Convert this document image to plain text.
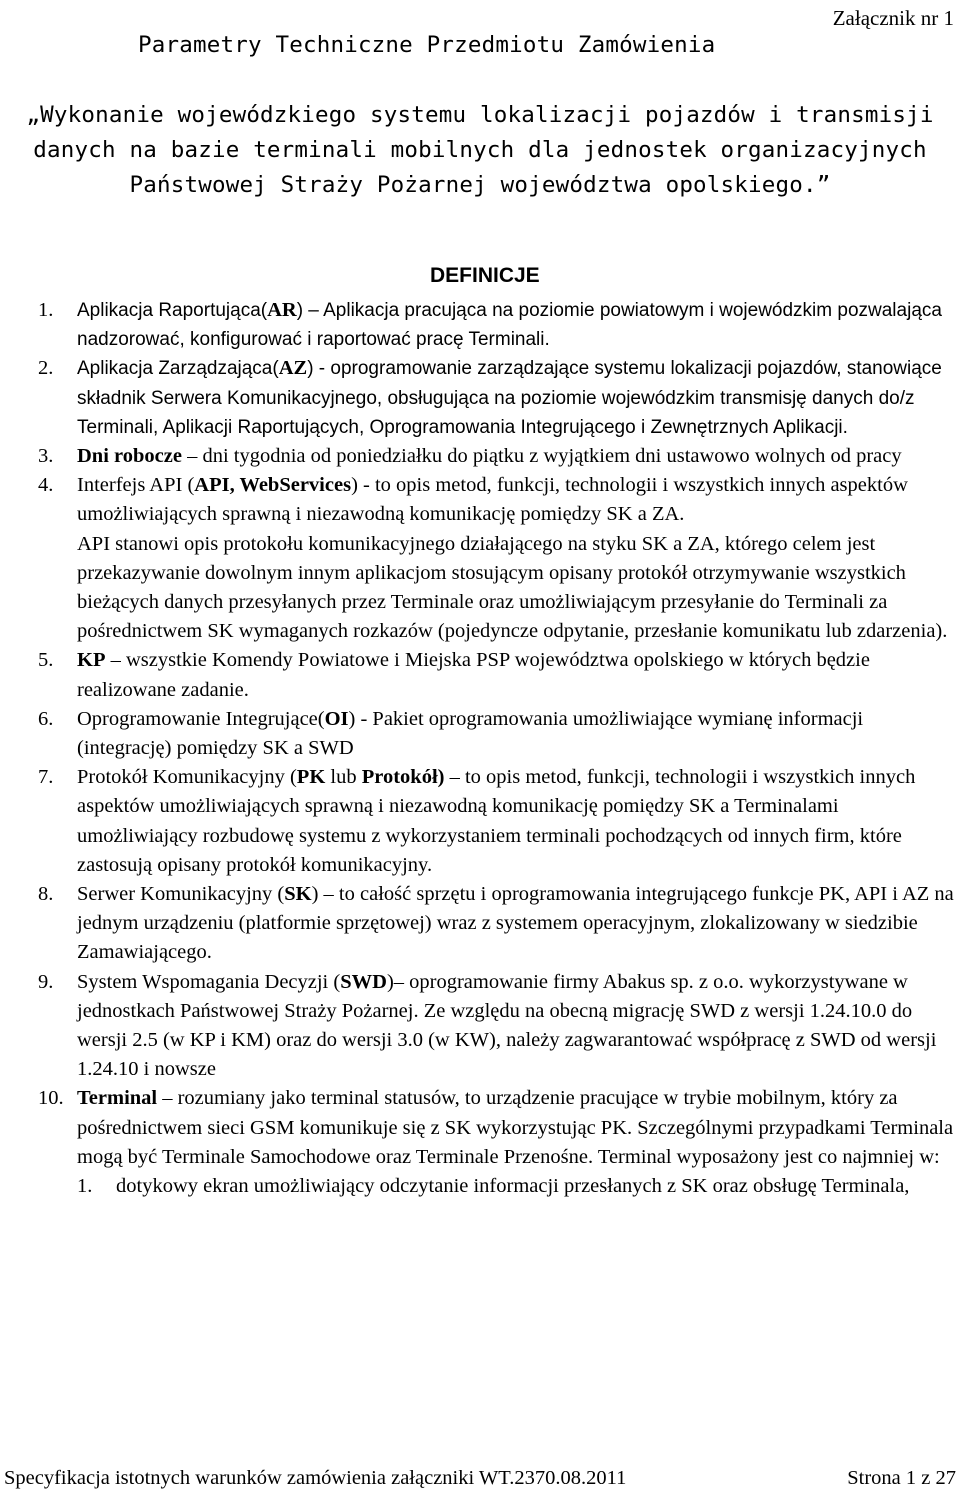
Załącznik nr 1
Parametry Techniczne Przedmiotu Zamówienia
„Wykonanie wojewódzkiego systemu lokalizacji pojazdów i transmisji danych na bazie terminali mobilnych dla jednostek organizacyjnych Państwowej Straży Pożarnej województwa opolskiego.”
DEFINICJE
1.	Aplikacja Raportująca(AR) – Aplikacja pracująca na poziomie powiatowym i wojewódzkim pozwalająca nadzorować, konfigurować i raportować pracę Terminali.
2.	Aplikacja Zarządzająca(AZ) - oprogramowanie zarządzające systemu lokalizacji pojazdów, stanowiące składnik Serwera Komunikacyjnego, obsługująca na poziomie wojewódzkim transmisję danych do/z Terminali, Aplikacji Raportujących, Oprogramowania Integrującego i Zewnętrznych Aplikacji.
3.	Dni robocze – dni tygodnia od poniedziałku do piątku z wyjątkiem dni ustawowo wolnych od pracy
4.	Interfejs API (API, WebServices) - to opis metod, funkcji, technologii i wszystkich innych aspektów umożliwiających sprawną i niezawodną komunikację pomiędzy SK a ZA.
API stanowi opis protokołu komunikacyjnego działającego na styku SK a ZA, którego celem jest przekazywanie dowolnym innym aplikacjom stosującym opisany protokół otrzymywanie wszystkich bieżących danych przesyłanych przez Terminale oraz umożliwiającym przesyłanie do Terminali za pośrednictwem SK wymaganych rozkazów (pojedyncze odpytanie, przesłanie komunikatu lub zdarzenia).
5.	KP – wszystkie Komendy Powiatowe i Miejska PSP województwa opolskiego w których będzie realizowane zadanie.
6.	Oprogramowanie Integrujące(OI) - Pakiet oprogramowania umożliwiające wymianę informacji (integrację) pomiędzy SK a SWD
7.	Protokół Komunikacyjny (PK lub Protokół) – to opis metod, funkcji, technologii i wszystkich innych aspektów umożliwiających sprawną i niezawodną komunikację pomiędzy SK a Terminalami umożliwiający rozbudowę systemu z wykorzystaniem terminali pochodzących od innych firm, które zastosują opisany protokół komunikacyjny.
8.	Serwer Komunikacyjny (SK) – to całość sprzętu i oprogramowania integrującego funkcje PK, API i AZ na jednym urządzeniu (platformie sprzętowej) wraz z systemem operacyjnym, zlokalizowany w siedzibie Zamawiającego.
9.	System Wspomagania Decyzji (SWD)– oprogramowanie firmy Abakus sp. z o.o. wykorzystywane w jednostkach Państwowej Straży Pożarnej. Ze względu na obecną migrację SWD z wersji 1.24.10.0 do wersji 2.5 (w KP i KM) oraz do wersji 3.0 (w KW), należy zagwarantować współpracę z SWD od wersji 1.24.10 i nowsze
10. Terminal – rozumiany jako terminal statusów, to urządzenie pracujące w trybie mobilnym, który za pośrednictwem sieci GSM komunikuje się z SK wykorzystując PK. Szczególnymi przypadkami Terminala mogą być Terminale Samochodowe oraz Terminale Przenośne. Terminal wyposażony jest co najmniej w:
1.	dotykowy ekran umożliwiający odczytanie informacji przesłanych z SK oraz obsługę Terminala,
Specyfikacja istotnych warunków zamówienia załączniki WT.2370.08.2011	Strona 1 z 27
